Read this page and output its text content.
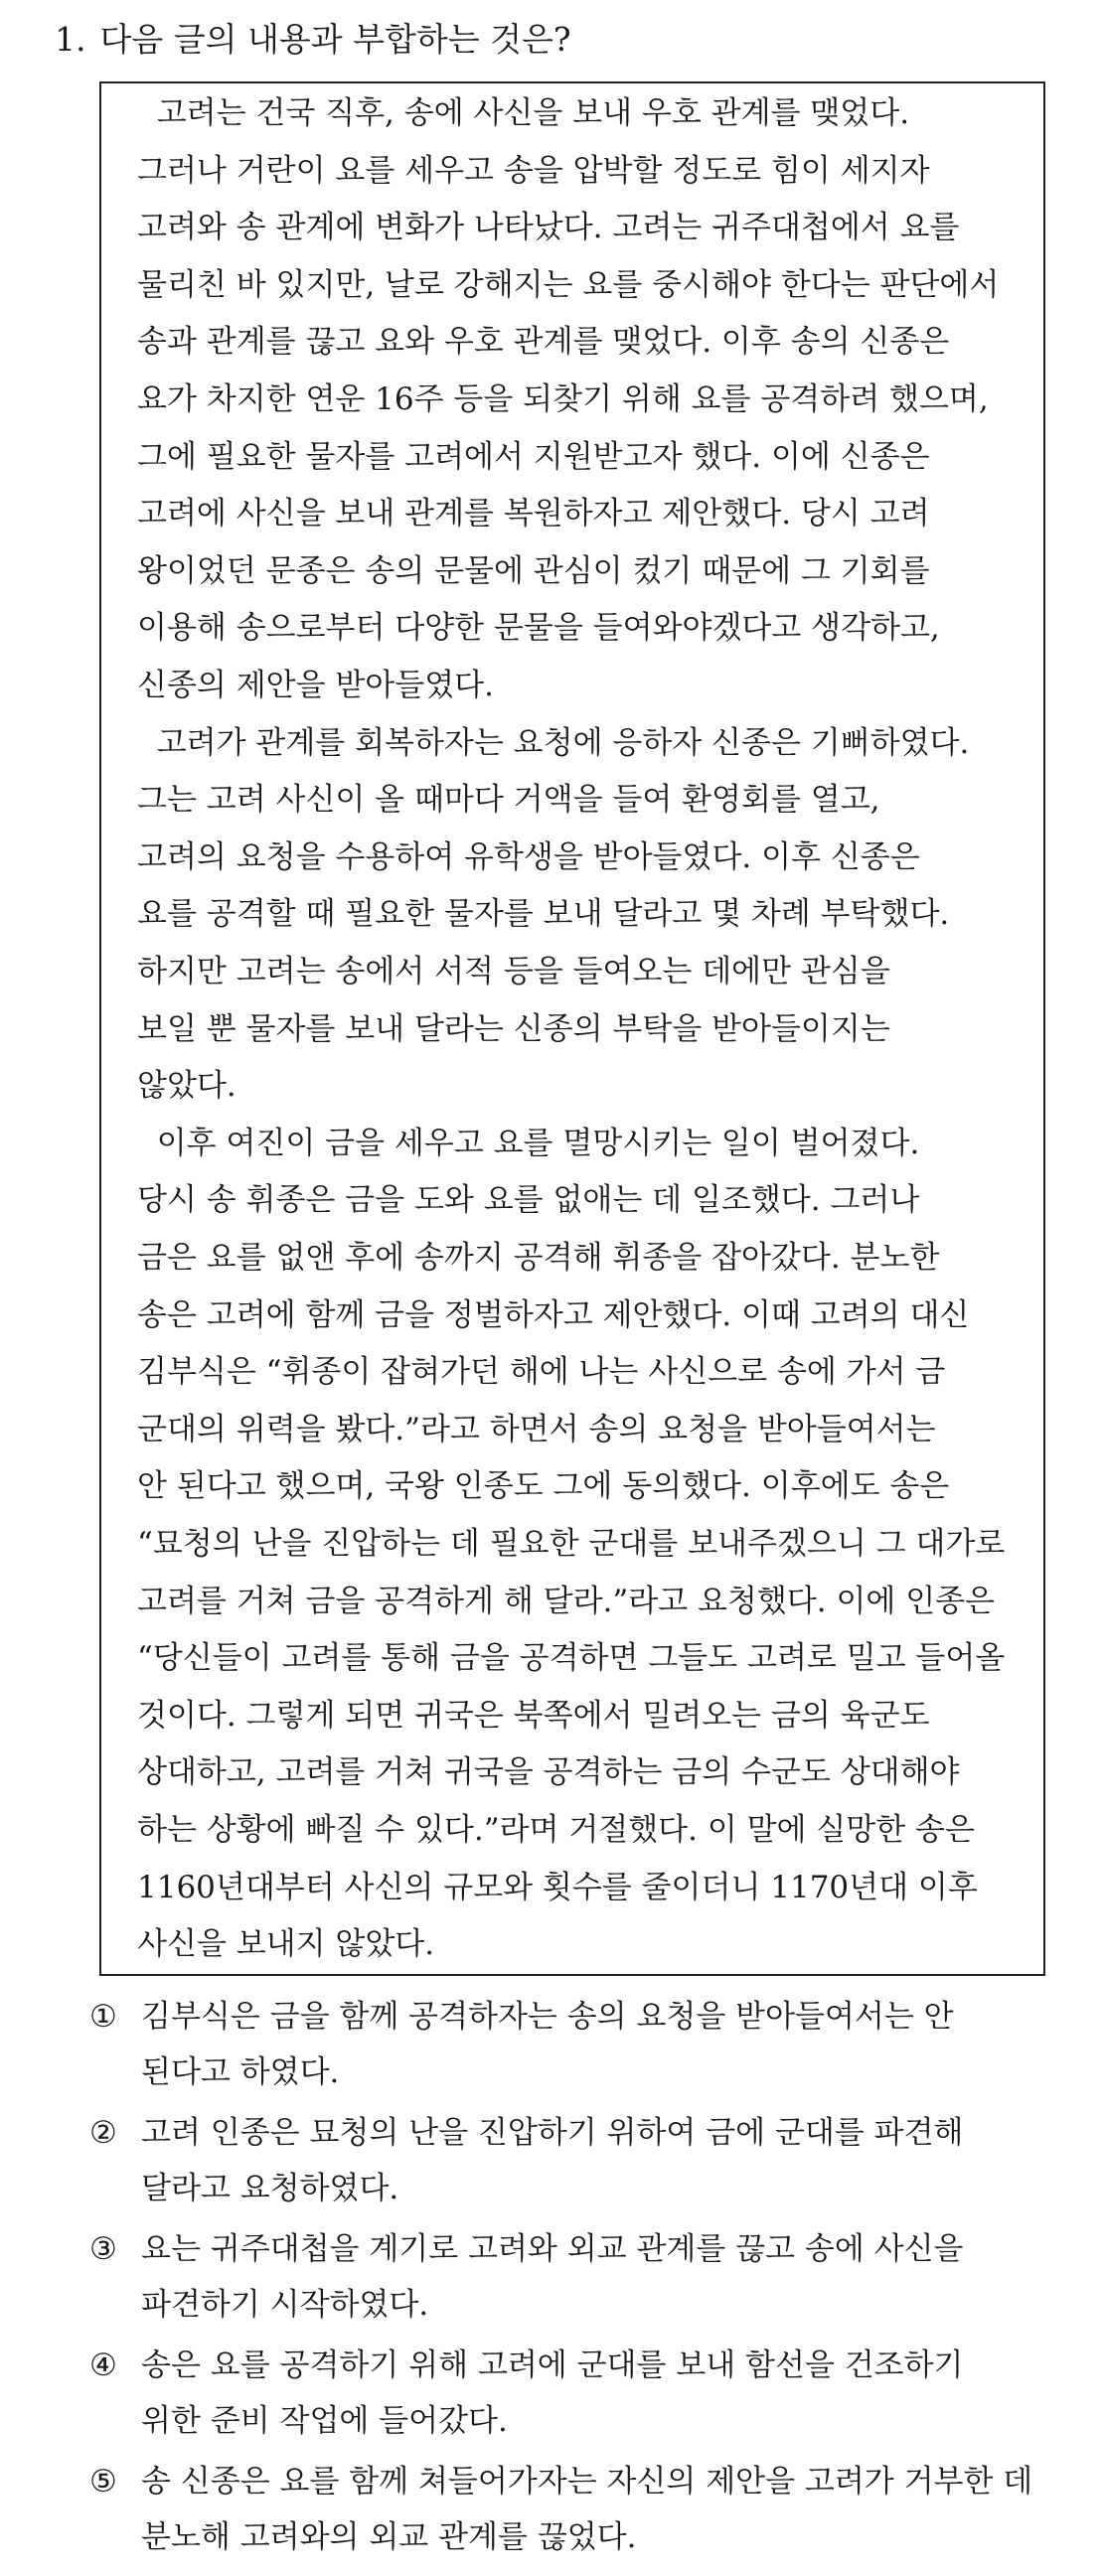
1. 다음 글의 내용과 부합하는 것은?
고려는 건국 직후, 송에 사신을 보내 우호 관계를 맺었다.
그러나 거란이 요를 세우고 송을 압박할 정도로 힘이 세지자
고려와 송 관계에 변화가 나타났다. 고려는 귀주대첩에서 요를
물리친 바 있지만, 날로 강해지는 요를 중시해야 한다는 판단에서
송과 관계를 끊고 요와 우호 관계를 맺었다. 이후 송의 신종은
요가 차지한 연운 16주 등을 되찾기 위해 요를 공격하려 했으며,
그에 필요한 물자를 고려에서 지원받고자 했다. 이에 신종은
고려에 사신을 보내 관계를 복원하자고 제안했다. 당시 고려
왕이었던 문종은 송의 문물에 관심이 컸기 때문에 그 기회를
이용해 송으로부터 다양한 문물을 들여와야겠다고 생각하고,
신종의 제안을 받아들였다.
고려가 관계를 회복하자는 요청에 응하자 신종은 기뻐하였다.
그는 고려 사신이 올 때마다 거액을 들여 환영회를 열고,
고려의 요청을 수용하여 유학생을 받아들였다. 이후 신종은
요를 공격할 때 필요한 물자를 보내 달라고 몇 차례 부탁했다.
하지만 고려는 송에서 서적 등을 들여오는 데에만 관심을
보일 뿐 물자를 보내 달라는 신종의 부탁을 받아들이지는
않았다.
이후 여진이 금을 세우고 요를 멸망시키는 일이 벌어졌다.
당시 송 휘종은 금을 도와 요를 없애는 데 일조했다. 그러나
금은 요를 없앤 후에 송까지 공격해 휘종을 잡아갔다. 분노한
송은 고려에 함께 금을 정벌하자고 제안했다. 이때 고려의 대신
김부식은 “휘종이 잡혀가던 해에 나는 사신으로 송에 가서 금
군대의 위력을 봤다.”라고 하면서 송의 요청을 받아들여서는
안 된다고 했으며, 국왕 인종도 그에 동의했다. 이후에도 송은
“묘청의 난을 진압하는 데 필요한 군대를 보내주겠으니 그 대가로
고려를 거쳐 금을 공격하게 해 달라.”라고 요청했다. 이에 인종은
“당신들이 고려를 통해 금을 공격하면 그들도 고려로 밀고 들어올
것이다. 그렇게 되면 귀국은 북쪽에서 밀려오는 금의 육군도
상대하고, 고려를 거쳐 귀국을 공격하는 금의 수군도 상대해야
하는 상황에 빠질 수 있다.”라며 거절했다. 이 말에 실망한 송은
1160년대부터 사신의 규모와 횟수를 줄이더니 1170년대 이후
사신을 보내지 않았다.
① 김부식은 금을 함께 공격하자는 송의 요청을 받아들여서는 안
된다고 하였다.
② 고려 인종은 묘청의 난을 진압하기 위하여 금에 군대를 파견해
달라고 요청하였다.
③ 요는 귀주대첩을 계기로 고려와 외교 관계를 끊고 송에 사신을
파견하기 시작하였다.
④ 송은 요를 공격하기 위해 고려에 군대를 보내 함선을 건조하기
위한 준비 작업에 들어갔다.
⑤ 송 신종은 요를 함께 쳐들어가자는 자신의 제안을 고려가 거부한 데
분노해 고려와의 외교 관계를 끊었다.
